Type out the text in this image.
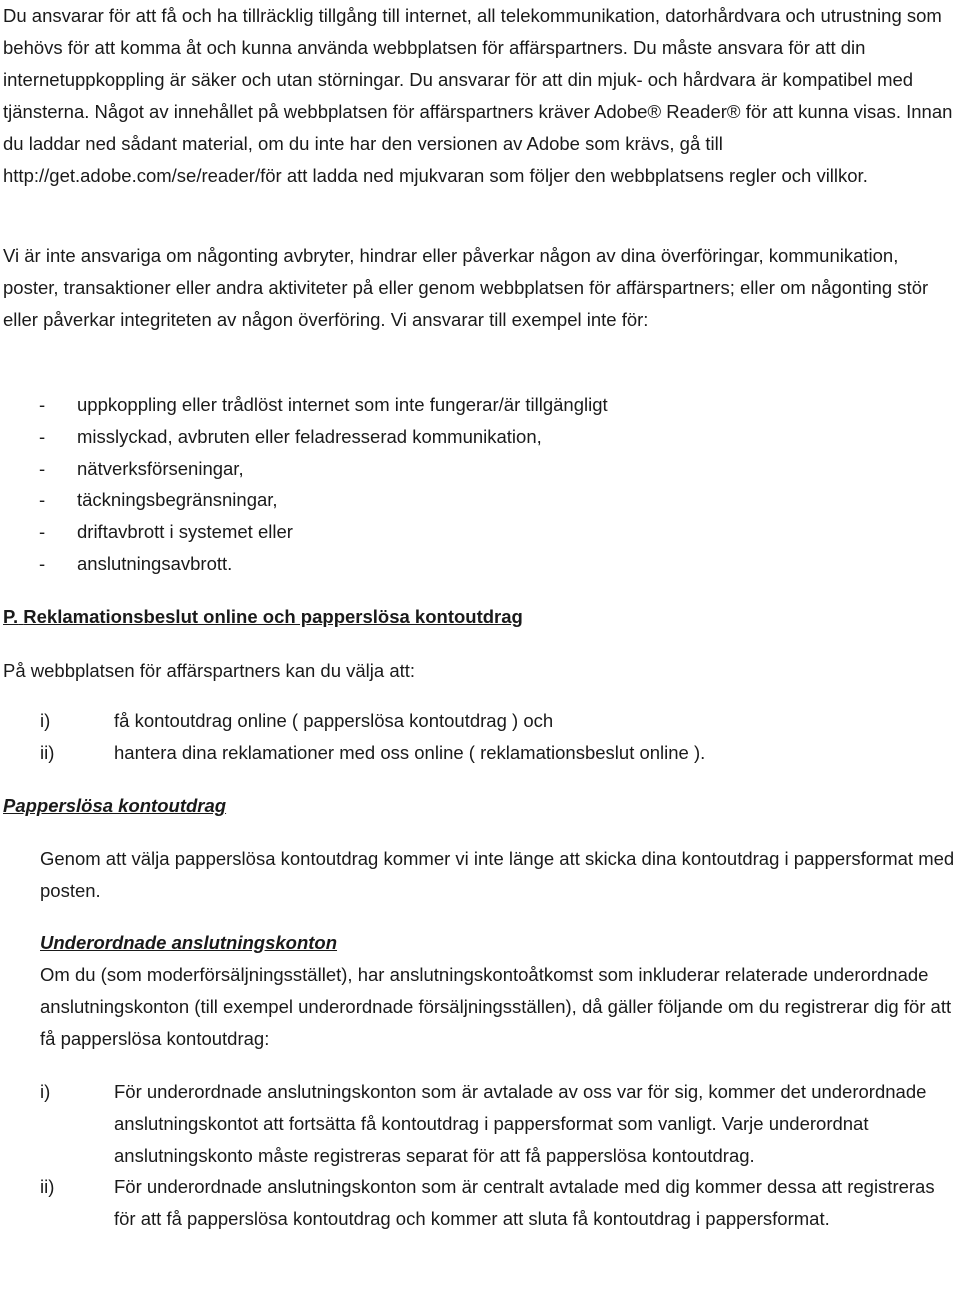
Du ansvarar för att få och ha tillräcklig tillgång till internet, all telekommunikation, datorhårdvara och utrustning som behövs för att komma åt och kunna använda webbplatsen för affärspartners. Du måste ansvara för att din internetuppkoppling är säker och utan störningar. Du ansvarar för att din mjuk- och hårdvara är kompatibel med tjänsterna. Något av innehållet på webbplatsen för affärspartners kräver Adobe® Reader® för att kunna visas. Innan du laddar ned sådant material, om du inte har den versionen av Adobe som krävs, gå till http://get.adobe.com/se/reader/för att ladda ned mjukvaran som följer den webbplatsens regler och villkor.

Vi är inte ansvariga om någonting avbryter, hindrar eller påverkar någon av dina överföringar, kommunikation, poster, transaktioner eller andra aktiviteter på eller genom webbplatsen för affärspartners; eller om någonting stör eller påverkar integriteten av någon överföring. Vi ansvarar till exempel inte för:

- uppkoppling eller trådlöst internet som inte fungerar/är tillgängligt
- misslyckad, avbruten eller feladresserad kommunikation,
- nätverksförseningar,
- täckningsbegränsningar,
- driftavbrott i systemet eller
- anslutningsavbrott.

P. Reklamationsbeslut online och papperslösa kontoutdrag

På webbplatsen för affärspartners kan du välja att:

i)	få kontoutdrag online ( papperslösa kontoutdrag ) och
ii)	hantera dina reklamationer med oss online ( reklamationsbeslut online ).

Papperslösa kontoutdrag

Genom att välja papperslösa kontoutdrag kommer vi inte länge att skicka dina kontoutdrag i pappersformat med posten.

Underordnade anslutningskonton

Om du (som moderförsäljningsstället), har anslutningskontoåtkomst som inkluderar relaterade underordnade anslutningskonton (till exempel underordnade försäljningsställen), då gäller följande om du registrerar dig för att få papperslösa kontoutdrag:

i)	För underordnade anslutningskonton som är avtalade av oss var för sig, kommer det underordnade anslutningskontot att fortsätta få kontoutdrag i pappersformat som vanligt. Varje underordnat anslutningskonto måste registreras separat för att få papperslösa kontoutdrag.
ii)	För underordnade anslutningskonton som är centralt avtalade med dig kommer dessa att registreras för att få papperslösa kontoutdrag och kommer att sluta få kontoutdrag i pappersformat.
